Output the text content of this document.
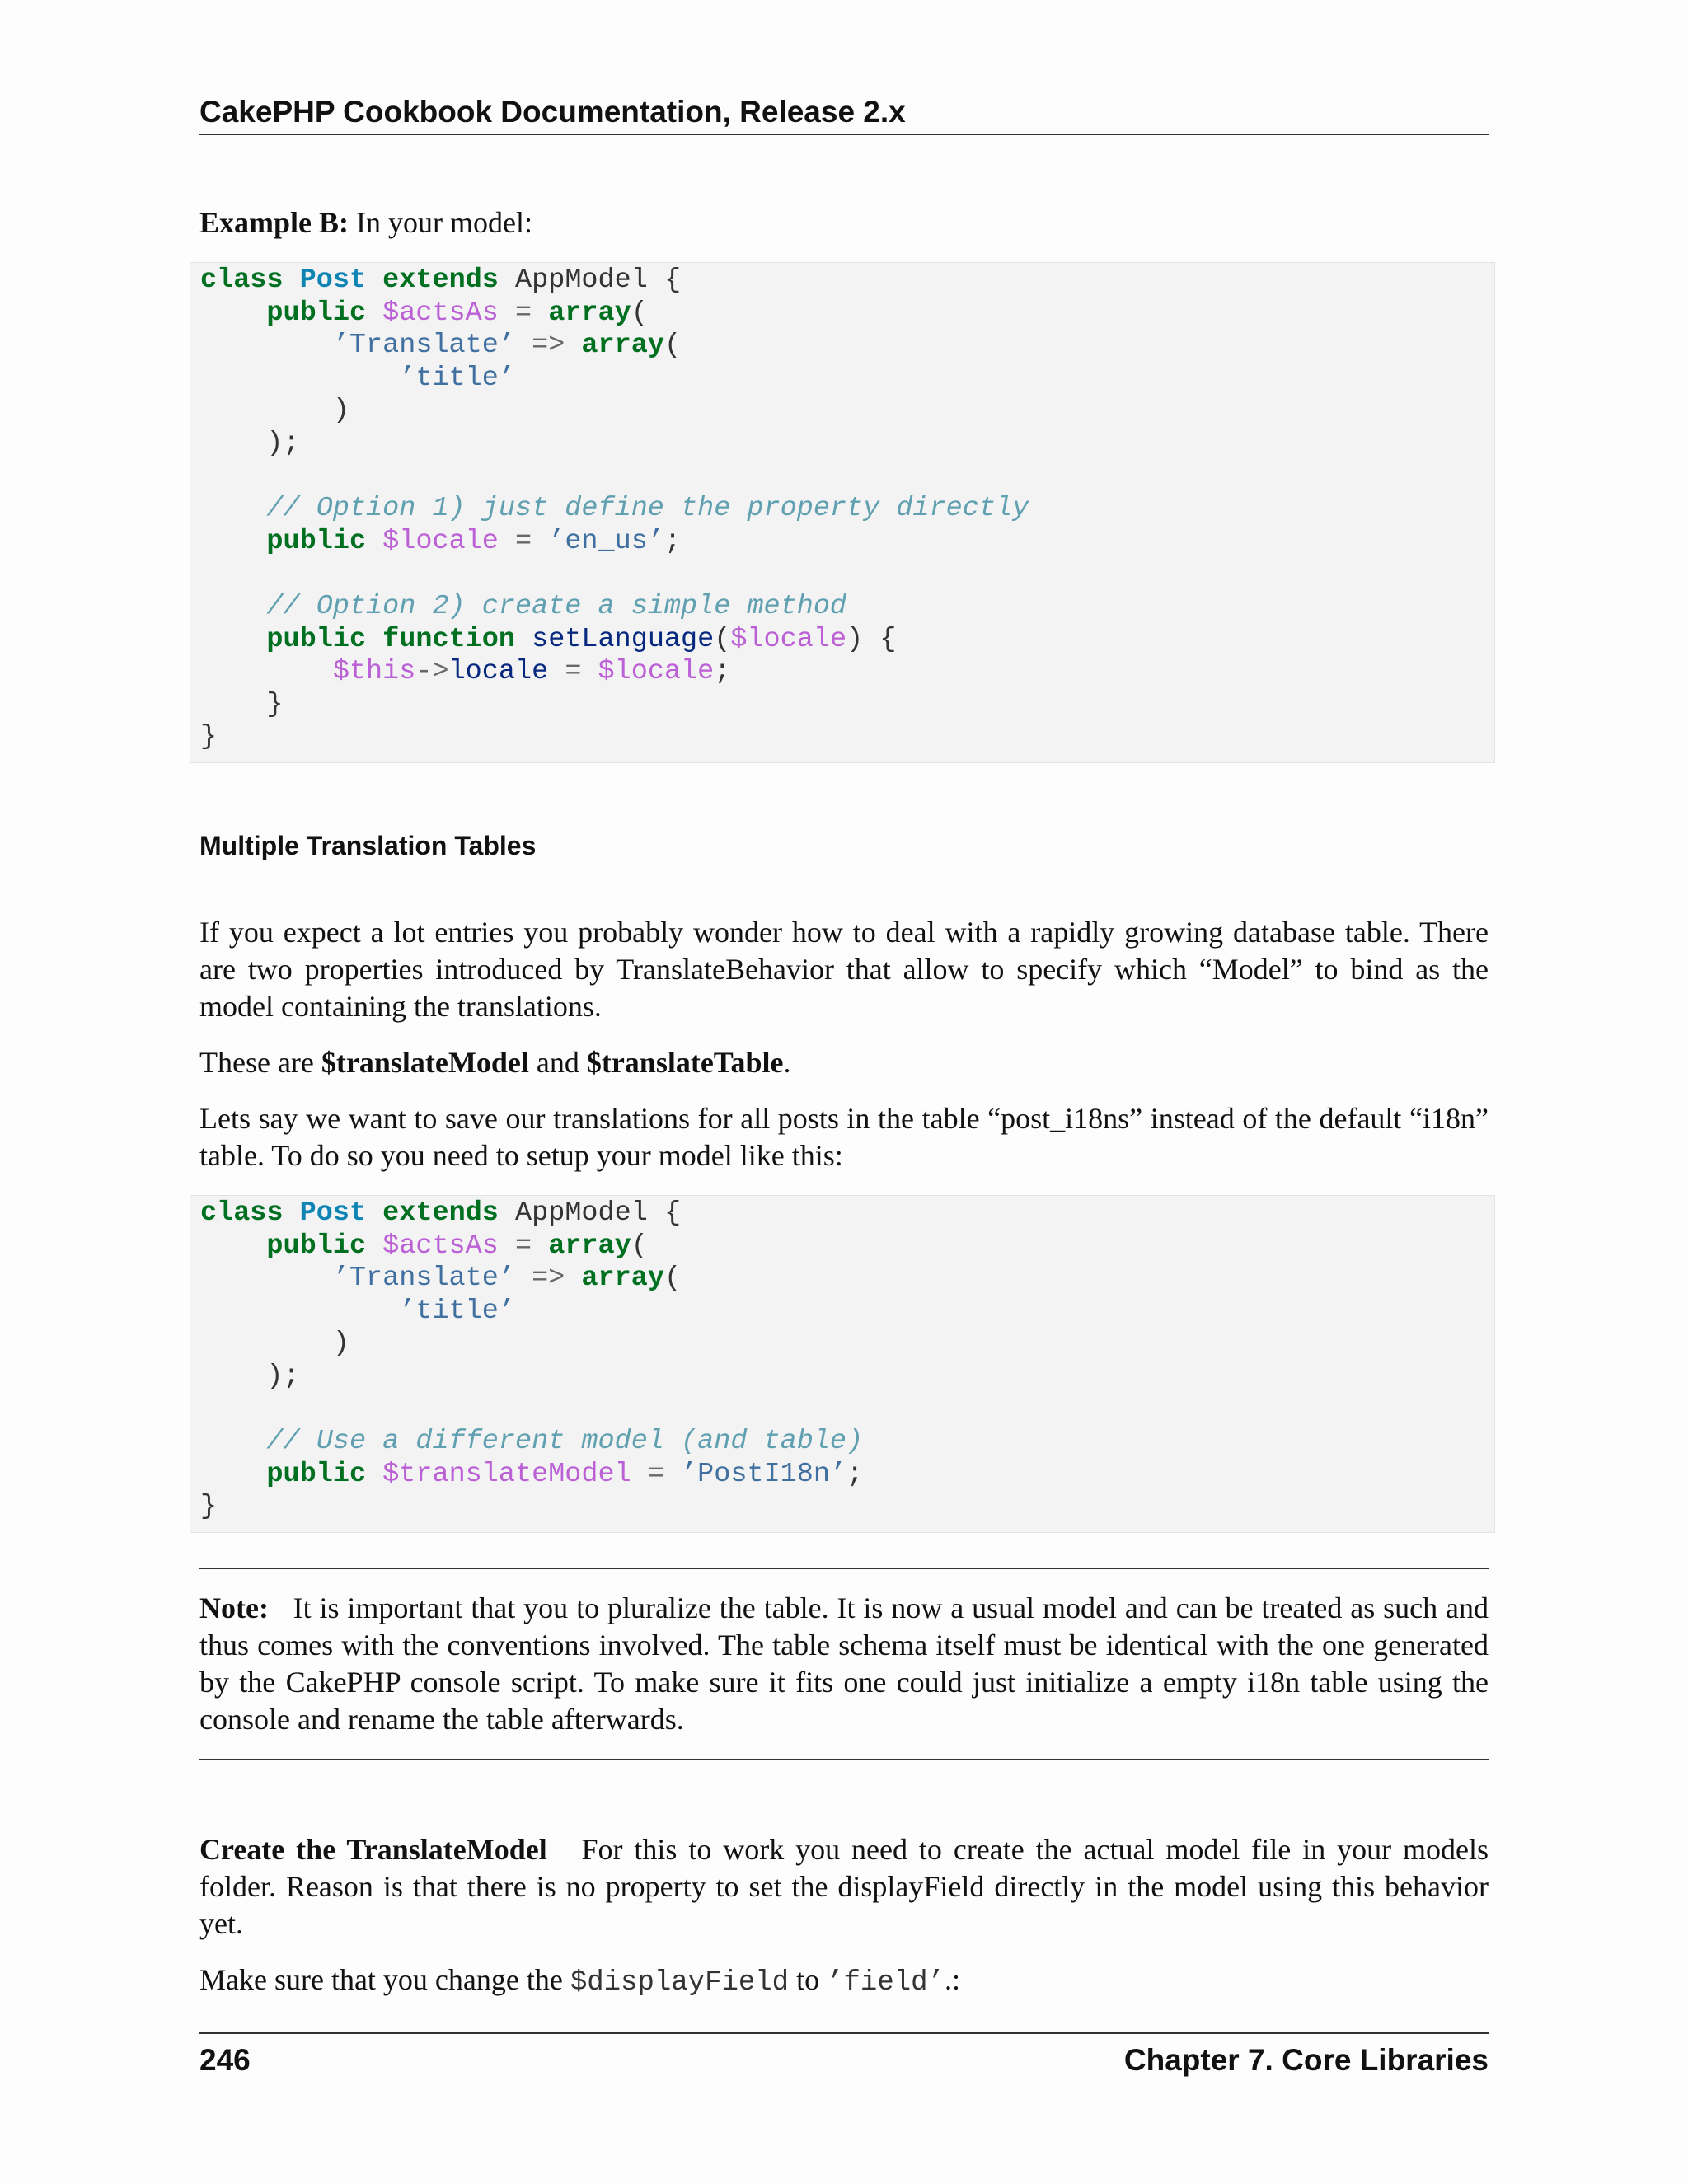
CakePHP Cookbook Documentation, Release 2.x
Example B: In your model:
class Post extends AppModel {
public $actsAs = array(
’Translate’ => array(
’title’
)
);
// Option 1) just define the property directly
public $locale = ’en_us’;
// Option 2) create a simple method
public function setLanguage($locale) {
$this->locale = $locale;
}
}
Multiple Translation Tables
If you expect a lot entries you probably wonder how to deal with a rapidly growing database table. There are two properties introduced by TranslateBehavior that allow to specify which “Model” to bind as the model containing the translations.
These are $translateModel and $translateTable.
Lets say we want to save our translations for all posts in the table “post_i18ns” instead of the default “i18n” table. To do so you need to setup your model like this:
class Post extends AppModel {
public $actsAs = array(
’Translate’ => array(
’title’
)
);
// Use a different model (and table)
public $translateModel = ’PostI18n’;
}
Note: It is important that you to pluralize the table. It is now a usual model and can be treated as such and thus comes with the conventions involved. The table schema itself must be identical with the one generated by the CakePHP console script. To make sure it fits one could just initialize a empty i18n table using the console and rename the table afterwards.
Create the TranslateModel For this to work you need to create the actual model file in your models folder. Reason is that there is no property to set the displayField directly in the model using this behavior yet.
Make sure that you change the $displayField to ’field’.:
246	Chapter 7. Core Libraries
